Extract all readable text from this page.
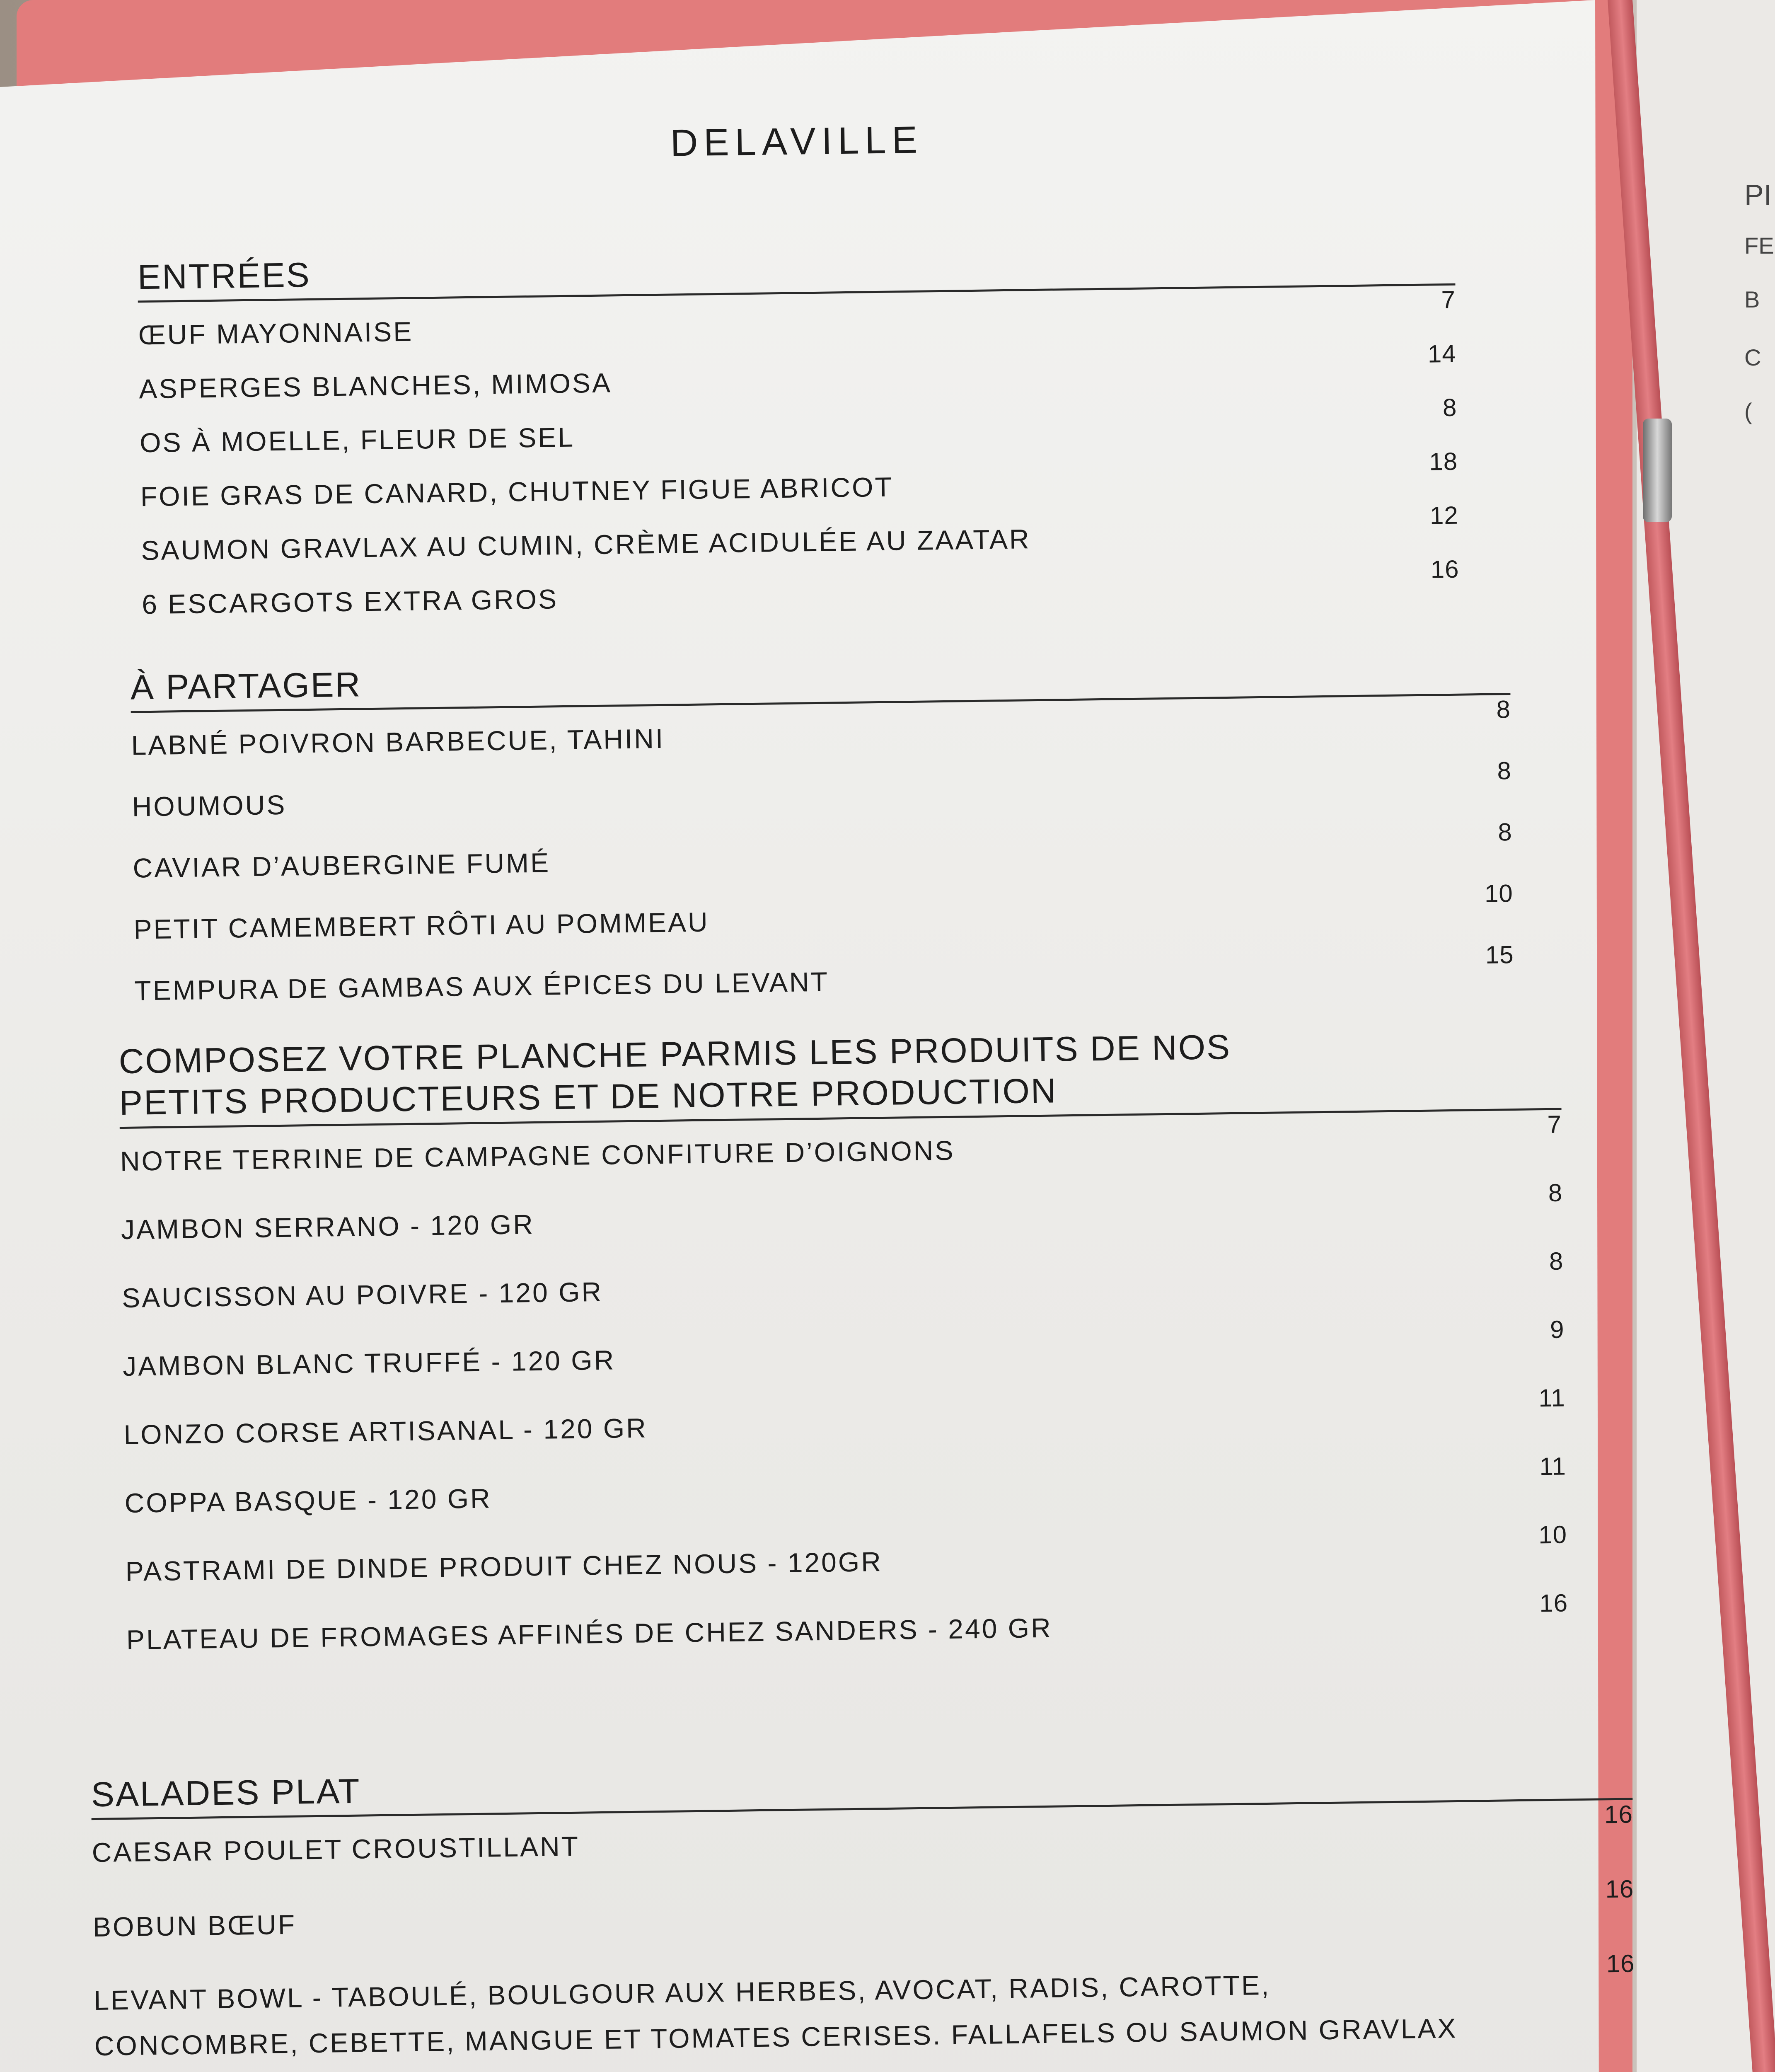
PI
FE
B
C
(
DELAVILLE
ENTRÉES
ŒUF MAYONNAISE
7
ASPERGES BLANCHES, MIMOSA
14
OS À MOELLE, FLEUR DE SEL
8
FOIE GRAS DE CANARD, CHUTNEY FIGUE ABRICOT
18
SAUMON GRAVLAX AU CUMIN, CRÈME ACIDULÉE AU ZAATAR
12
6 ESCARGOTS EXTRA GROS
16
À PARTAGER
LABNÉ POIVRON BARBECUE, TAHINI
8
HOUMOUS
8
CAVIAR D’AUBERGINE FUMÉ
8
PETIT CAMEMBERT RÔTI AU POMMEAU
10
TEMPURA DE GAMBAS AUX ÉPICES DU LEVANT
15
COMPOSEZ VOTRE PLANCHE PARMIS LES PRODUITS DE NOS
PETITS PRODUCTEURS ET DE NOTRE PRODUCTION
NOTRE TERRINE DE CAMPAGNE CONFITURE D’OIGNONS
7
JAMBON SERRANO - 120 GR
8
SAUCISSON AU POIVRE - 120 GR
8
JAMBON BLANC TRUFFÉ - 120 GR
9
LONZO CORSE ARTISANAL - 120 GR
11
COPPA BASQUE - 120 GR
11
PASTRAMI DE DINDE PRODUIT CHEZ NOUS - 120GR
10
PLATEAU DE FROMAGES AFFINÉS DE CHEZ SANDERS - 240 GR
16
SALADES PLAT
CAESAR POULET CROUSTILLANT
16
BOBUN BŒUF
16
LEVANT BOWL - TABOULÉ, BOULGOUR AUX HERBES, AVOCAT, RADIS, CAROTTE, CONCOMBRE, CEBETTE, MANGUE ET TOMATES CERISES. FALLAFELS OU SAUMON GRAVLAX
16
